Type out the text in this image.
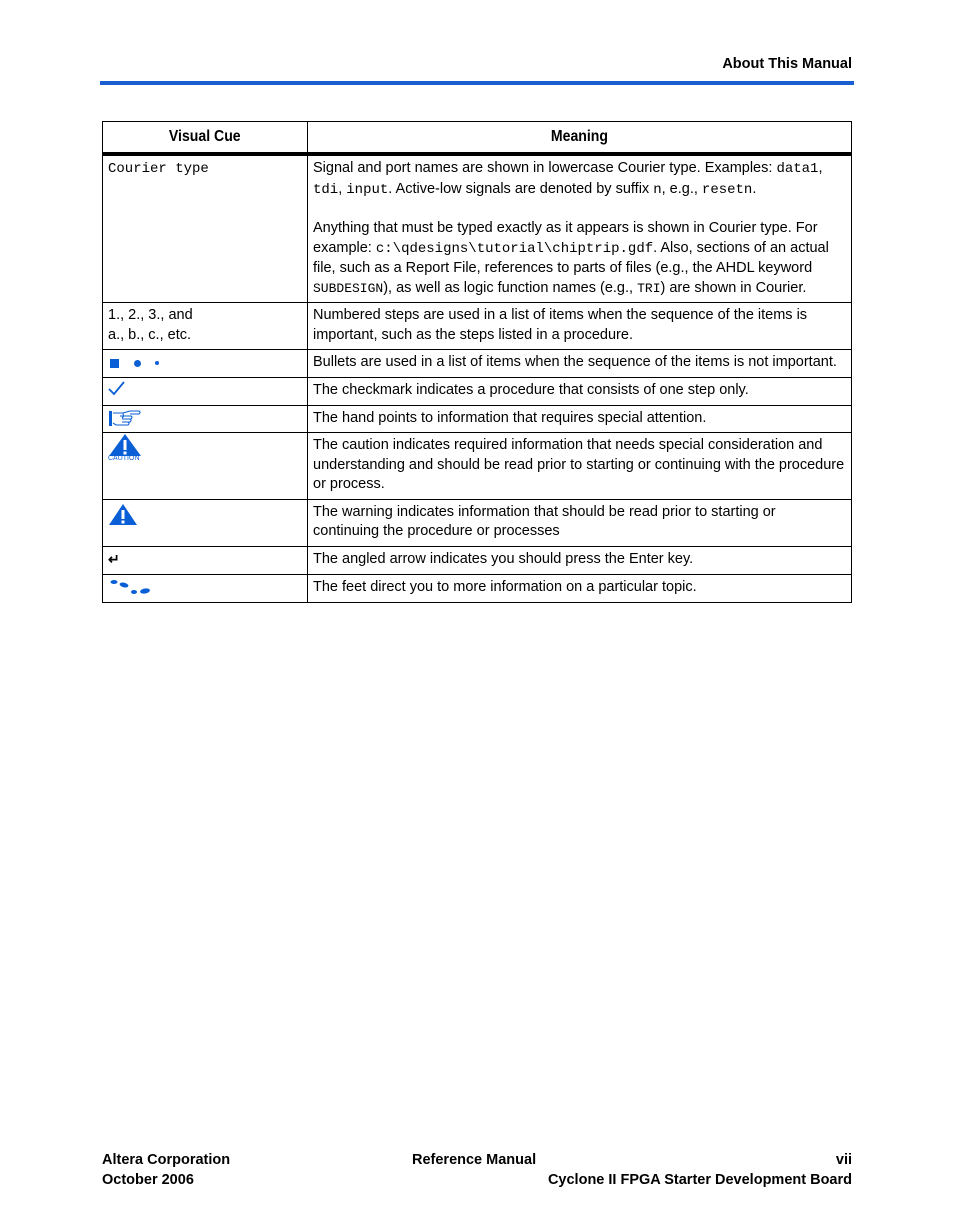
About This Manual
Visual Cue	Meaning
Courier type	Signal and port names are shown in lowercase Courier type. Examples: data1, tdi, input. Active-low signals are denoted by suffix n, e.g., resetn.
Anything that must be typed exactly as it appears is shown in Courier type. For example: c:\qdesigns\tutorial\chiptrip.gdf. Also, sections of an actual file, such as a Report File, references to parts of files (e.g., the AHDL keyword SUBDESIGN), as well as logic function names (e.g., TRI) are shown in Courier.

1., 2., 3., and
a., b., c., etc.	Numbered steps are used in a list of items when the sequence of the items is important, such as the steps listed in a procedure.

	Bullets are used in a list of items when the sequence of the items is not important.

	The checkmark indicates a procedure that consists of one step only.

	The hand points to information that requires special attention.

CAUTION	The caution indicates required information that needs special consideration and understanding and should be read prior to starting or continuing with the procedure or process.

	The warning indicates information that should be read prior to starting or continuing the procedure or processes
↵	The angled arrow indicates you should press the Enter key.

	The feet direct you to more information on a particular topic.
Altera Corporation
October 2006
Reference Manual	vii
Cyclone II FPGA Starter Development Board
